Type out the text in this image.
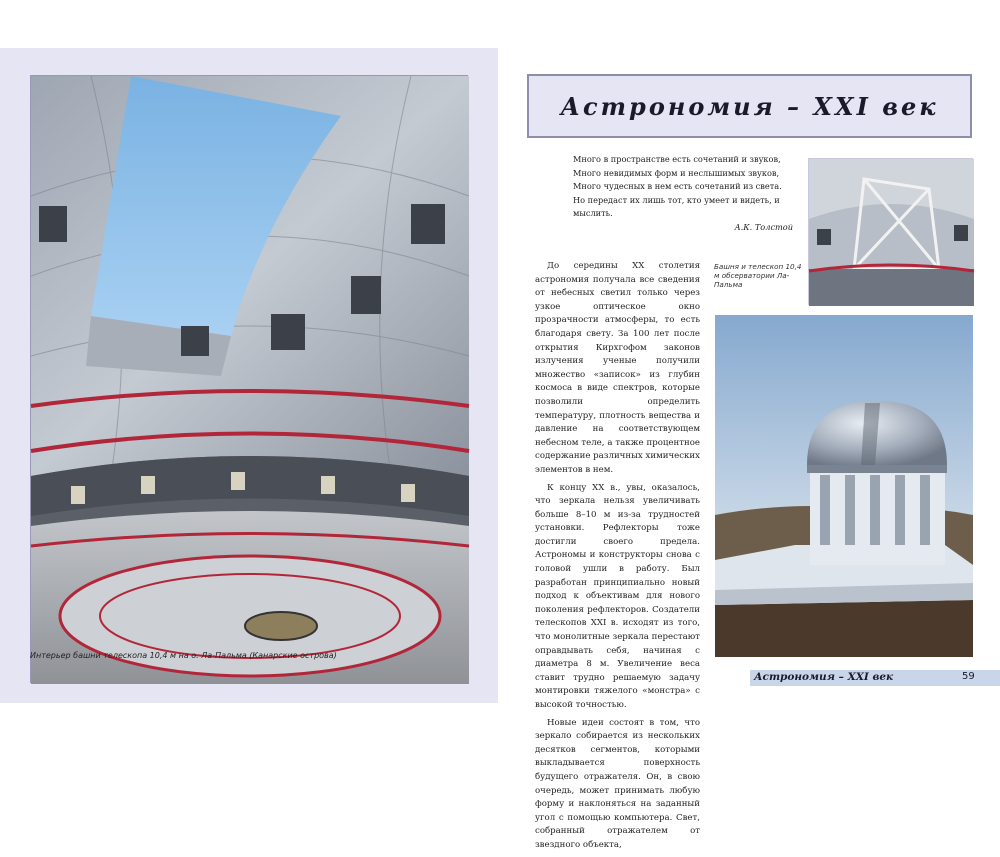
Интерьер башни телескопа 10,4 м на о. Ла-Пальма (Канарские острова)
Астрономия – XXI век
Много в пространстве есть сочетаний и звуков,
Много невидимых форм и неслышимых звуков,
Много чудесных в нем есть сочетаний из света.
Но передаст их лишь тот, кто умеет и видеть, и мыслить.
А.К. Толстой
Башня и телескоп 10,4 м обсерватории Ла-Пальма

До середины XX столетия астрономия получала все сведения от небесных светил только через узкое оптическое окно прозрачности атмосферы, то есть благодаря свету. За 100 лет после открытия Кирхгофом законов излучения ученые получили множество «записок» из глубин космоса в виде спектров, которые позволили определить температуру, плотность вещества и давление на соответствующем небесном теле, а также процентное содержание различных химических элементов в нем.

К концу XX в., увы, оказалось, что зеркала нельзя увеличивать больше 8–10 м из-за трудностей установки. Рефлекторы тоже достигли своего предела. Астрономы и конструкторы снова с головой ушли в работу. Был разработан принципиально новый подход к объективам для нового поколения рефлекторов. Создатели телескопов XXI в. исходят из того, что монолитные зеркала перестают оправдывать себя, начиная с диаметра 8 м. Увеличение веса ставит трудно решаемую задачу монтировки тяжелого «монстра» с высокой точностью.

Новые идеи состоят в том, что зеркало собирается из нескольких десятков сегментов, которыми выкладывается поверхность будущего отражателя. Он, в свою очередь, может принимать любую форму и наклоняться на заданный угол с помощью компьютера. Свет, собранный отражателем от звездного объекта,

Астрономия – XXI век	59
